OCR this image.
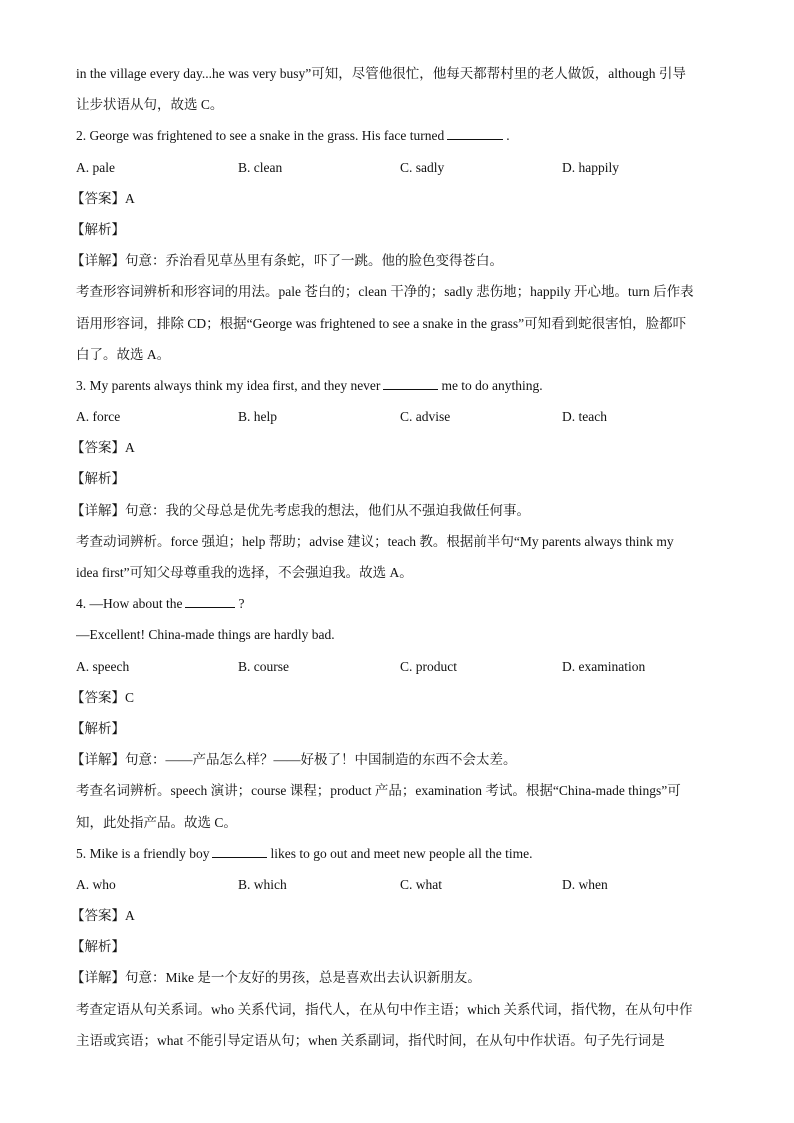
in the village every day...he was very busy”可知，尽管他很忙，他每天都帮村里的老人做饭，although 引导
让步状语从句，故选 C。
2. George was frightened to see a snake in the grass. His face turned	.
A. pale	B. clean	C. sadly	D. happily
【答案】A
【解析】
【详解】句意：乔治看见草丛里有条蛇，吓了一跳。他的脸色变得苍白。
考查形容词辨析和形容词的用法。pale 苍白的；clean 干净的；sadly 悲伤地；happily 开心地。turn 后作表
语用形容词，排除 CD；根据“George was frightened to see a snake in the grass”可知看到蛇很害怕，脸都吓
白了。故选 A。
3. My parents always think my idea first, and they never	me to do anything.
A. force	B. help	C. advise	D. teach
【答案】A
【解析】
【详解】句意：我的父母总是优先考虑我的想法，他们从不强迫我做任何事。
考查动词辨析。force 强迫；help 帮助；advise 建议；teach 教。根据前半句“My parents always think my
idea first”可知父母尊重我的选择，不会强迫我。故选 A。
4. —How about the	?
—Excellent! China-made things are hardly bad.
A. speech	B. course	C. product	D. examination
【答案】C
【解析】
【详解】句意：——产品怎么样？——好极了！中国制造的东西不会太差。
考查名词辨析。speech 演讲；course 课程；product 产品；examination 考试。根据“China-made things”可
知，此处指产品。故选 C。
5. Mike is a friendly boy	likes to go out and meet new people all the time.
A. who	B. which	C. what	D. when
【答案】A
【解析】
【详解】句意：Mike 是一个友好的男孩，总是喜欢出去认识新朋友。
考查定语从句关系词。who 关系代词，指代人，在从句中作主语；which 关系代词，指代物，在从句中作
主语或宾语；what 不能引导定语从句；when 关系副词，指代时间，在从句中作状语。句子先行词是
